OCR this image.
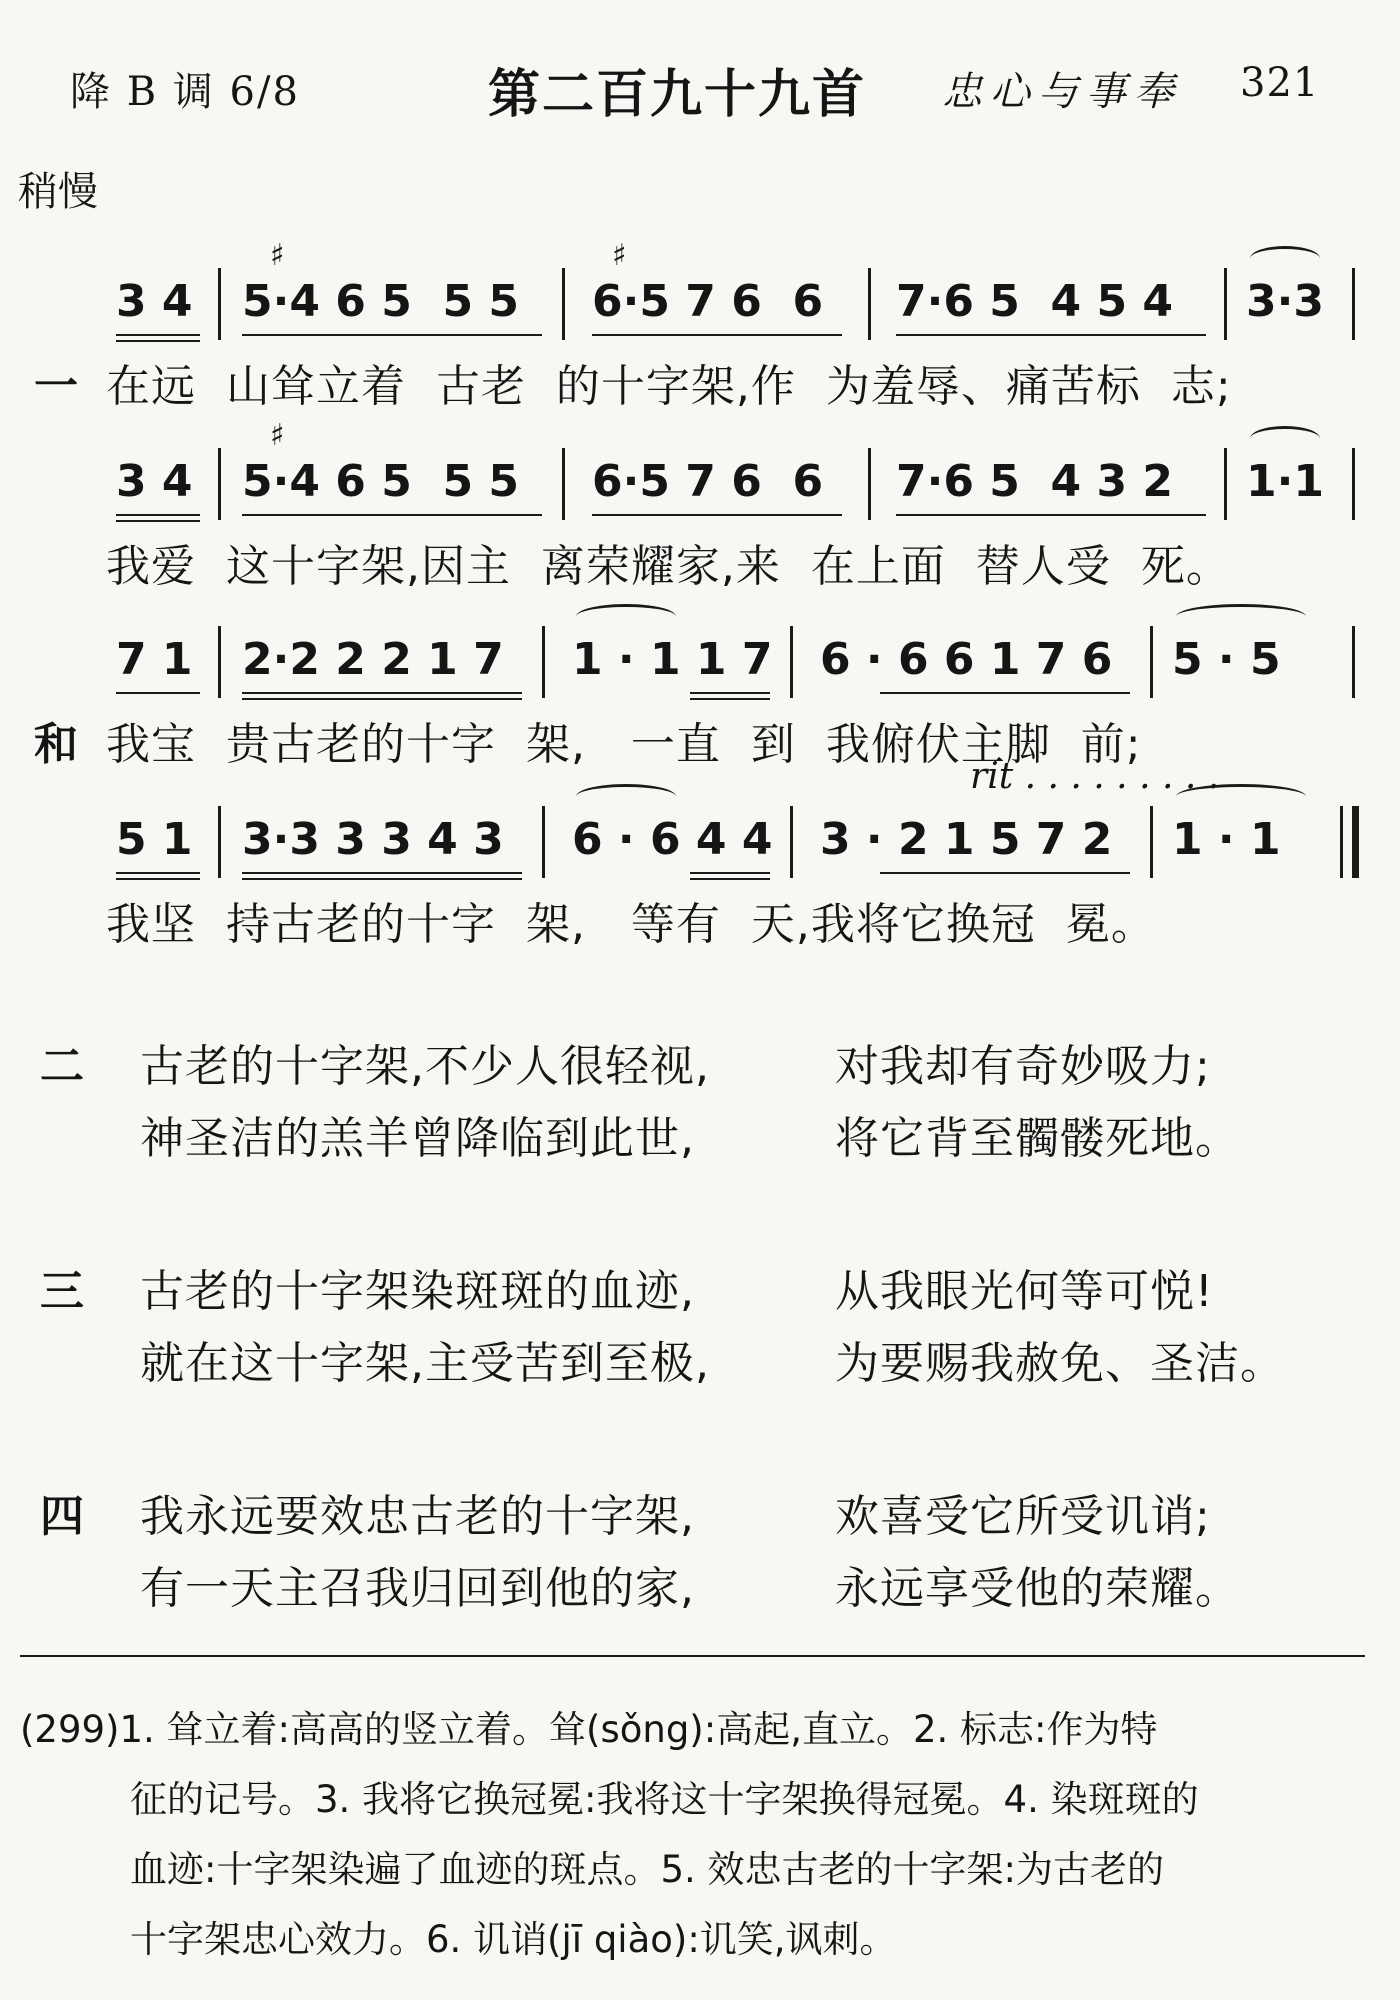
降 B 调 6/8	第二百九十九首 忠心与事奉 321
稍慢
3 4 5·4 6 5  5 5 6·5 7 6  6 7·6 5  4 5 4 3·3
♯	♯
一 在远  山耸立着  古老  的十字架,作  为羞辱、痛苦标  志;
3 4 5·4 6 5  5 5 6·5 7 6  6 7·6 5  4 3 2 1·1
♯
我爱  这十字架,因主  离荣耀家,来  在上面  替人受  死。
7 1 2·2 2 2 1 7 1 · 1 1 7 6 · 6 6 1 7 6 5 · 5
和 我宝  贵古老的十字  架,   一直  到  我俯伏主脚  前;
rit . . . . . . . . .
5 1 3·3 3 3 4 3 6 · 6 4 4 3 · 2 1 5 7 2 1 · 1
我坚  持古老的十字  架,   等有  天,我将它换冠  冕。
二 古老的十字架,不少人很轻视,	对我却有奇妙吸力;
神圣洁的羔羊曾降临到此世,	将它背至髑髅死地。
三 古老的十字架染斑斑的血迹,	从我眼光何等可悦!
就在这十字架,主受苦到至极,	为要赐我赦免、圣洁。
四 我永远要效忠古老的十字架,	欢喜受它所受讥诮;
有一天主召我归回到他的家,	永远享受他的荣耀。
(299)1. 耸立着:高高的竖立着。耸(sǒng):高起,直立。2. 标志:作为特
征的记号。3. 我将它换冠冕:我将这十字架换得冠冕。4. 染斑斑的
血迹:十字架染遍了血迹的斑点。5. 效忠古老的十字架:为古老的
十字架忠心效力。6. 讥诮(jī qiào):讥笑,讽刺。
